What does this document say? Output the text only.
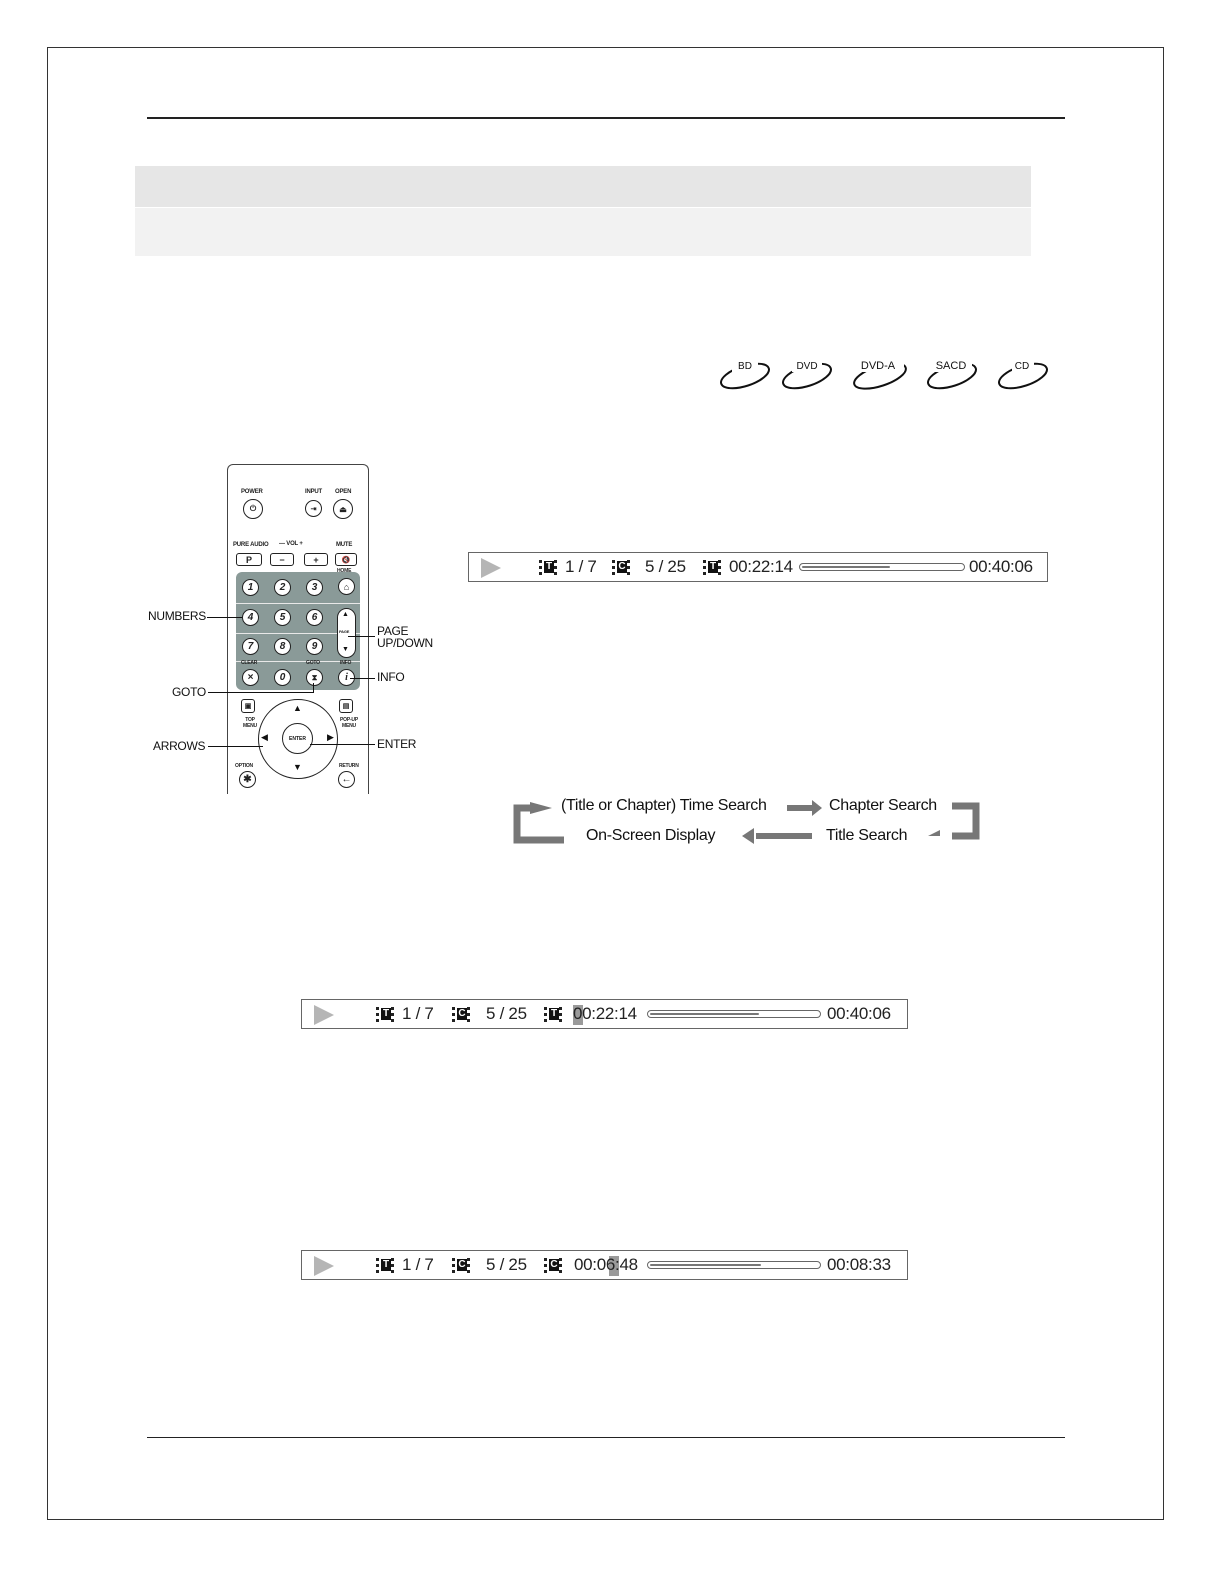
BD	DVD	DVD-A	SACD	CD
POWER	INPUT OPEN
⏻	⇥	⏏
PURE AUDIO — VOL +	MUTE
P	−	+	🔇
HOME
⌂
1	2	3
4	5	6
7	8	9
▲
PAGE
▼
CLEAR	GOTO	INFO
×	0	⧗	i
▣
TOP MENU
▤
POP-UP MENU
▲
▼
◀	▶
ENTER
OPTION
✱
RETURN
←
NUMBERS
GOTO
ARROWS
PAGE
UP/DOWN
INFO
ENTER
T 1 / 7 C 5 / 25 T 00:22:14	00:40:06
(Title or Chapter) Time Search	Chapter Search
On-Screen Display	Title Search
T 1 / 7 C 5 / 25 T 00:22:14	00:40:06
T 1 / 7 C 5 / 25 C 00:06:48	00:08:33
